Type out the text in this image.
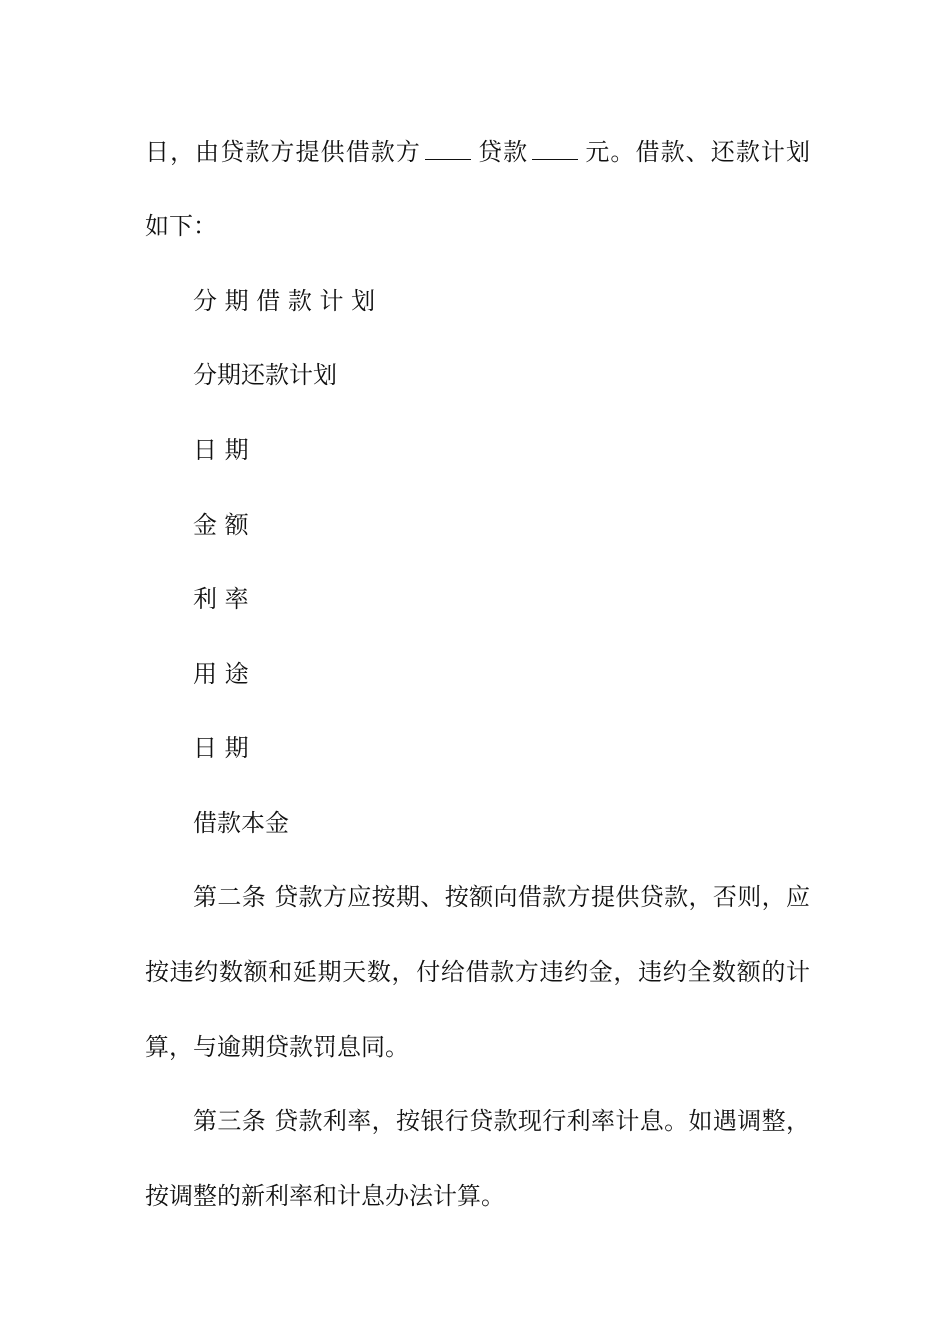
日，由贷款方提供借款方 贷款 元。借款、还款计划

如下：

分 期 借 款 计 划

分期还款计划

日 期

金 额

利 率

用 途

日 期

借款本金

第二条 贷款方应按期、按额向借款方提供贷款，否则，应

按违约数额和延期天数，付给借款方违约金，违约全数额的计

算，与逾期贷款罚息同。

第三条 贷款利率，按银行贷款现行利率计息。如遇调整，

按调整的新利率和计息办法计算。
